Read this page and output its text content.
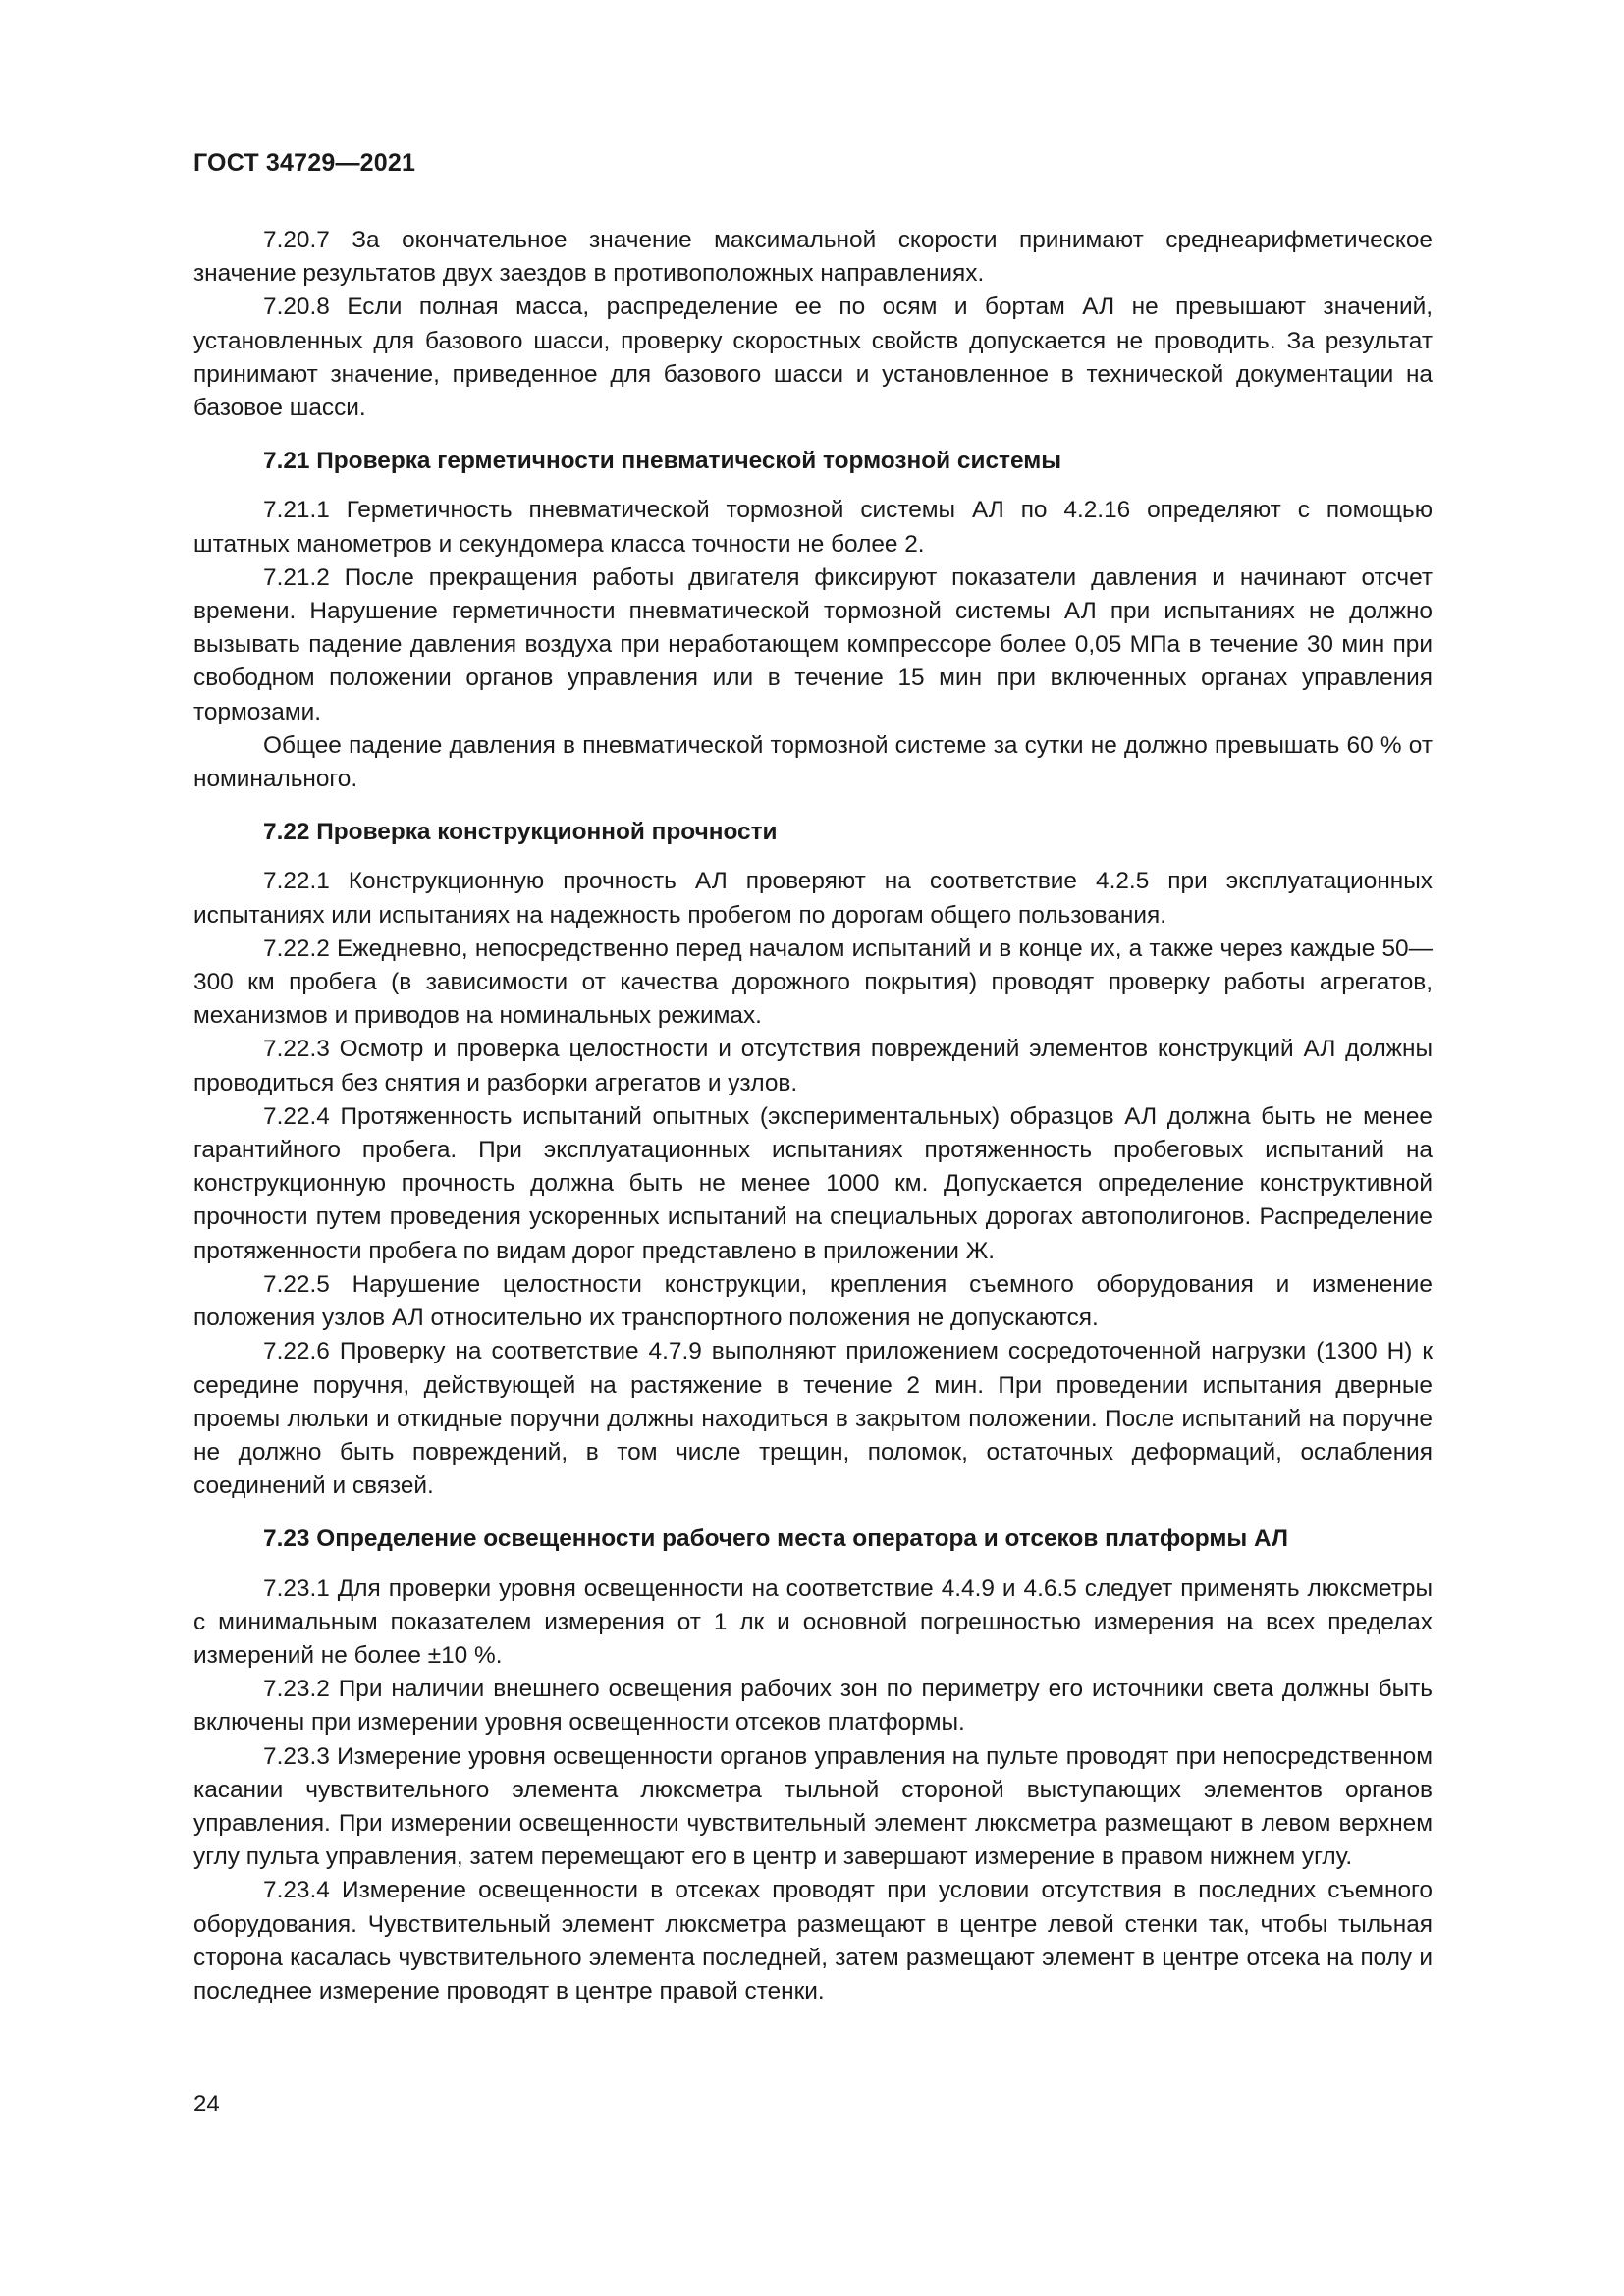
ГОСТ 34729—2021

7.20.7 За окончательное значение максимальной скорости принимают среднеарифметическое значение результатов двух заездов в противоположных направлениях.

7.20.8 Если полная масса, распределение ее по осям и бортам АЛ не превышают значений, установленных для базового шасси, проверку скоростных свойств допускается не проводить. За результат принимают значение, приведенное для базового шасси и установленное в технической документации на базовое шасси.

7.21 Проверка герметичности пневматической тормозной системы

7.21.1 Герметичность пневматической тормозной системы АЛ по 4.2.16 определяют с помощью штатных манометров и секундомера класса точности не более 2.

7.21.2 После прекращения работы двигателя фиксируют показатели давления и начинают отсчет времени. Нарушение герметичности пневматической тормозной системы АЛ при испытаниях не должно вызывать падение давления воздуха при неработающем компрессоре более 0,05 МПа в течение 30 мин при свободном положении органов управления или в течение 15 мин при включенных органах управления тормозами.

Общее падение давления в пневматической тормозной системе за сутки не должно превышать 60 % от номинального.

7.22 Проверка конструкционной прочности

7.22.1 Конструкционную прочность АЛ проверяют на соответствие 4.2.5 при эксплуатационных испытаниях или испытаниях на надежность пробегом по дорогам общего пользования.

7.22.2 Ежедневно, непосредственно перед началом испытаний и в конце их, а также через каждые 50—300 км пробега (в зависимости от качества дорожного покрытия) проводят проверку работы агрегатов, механизмов и приводов на номинальных режимах.

7.22.3 Осмотр и проверка целостности и отсутствия повреждений элементов конструкций АЛ должны проводиться без снятия и разборки агрегатов и узлов.

7.22.4 Протяженность испытаний опытных (экспериментальных) образцов АЛ должна быть не менее гарантийного пробега. При эксплуатационных испытаниях протяженность пробеговых испытаний на конструкционную прочность должна быть не менее 1000 км. Допускается определение конструктивной прочности путем проведения ускоренных испытаний на специальных дорогах автополигонов. Распределение протяженности пробега по видам дорог представлено в приложении Ж.

7.22.5 Нарушение целостности конструкции, крепления съемного оборудования и изменение положения узлов АЛ относительно их транспортного положения не допускаются.

7.22.6 Проверку на соответствие 4.7.9 выполняют приложением сосредоточенной нагрузки (1300 Н) к середине поручня, действующей на растяжение в течение 2 мин. При проведении испытания дверные проемы люльки и откидные поручни должны находиться в закрытом положении. После испытаний на поручне не должно быть повреждений, в том числе трещин, поломок, остаточных деформаций, ослабления соединений и связей.

7.23 Определение освещенности рабочего места оператора и отсеков платформы АЛ

7.23.1 Для проверки уровня освещенности на соответствие 4.4.9 и 4.6.5 следует применять люксметры с минимальным показателем измерения от 1 лк и основной погрешностью измерения на всех пределах измерений не более ±10 %.

7.23.2 При наличии внешнего освещения рабочих зон по периметру его источники света должны быть включены при измерении уровня освещенности отсеков платформы.

7.23.3 Измерение уровня освещенности органов управления на пульте проводят при непосредственном касании чувствительного элемента люксметра тыльной стороной выступающих элементов органов управления. При измерении освещенности чувствительный элемент люксметра размещают в левом верхнем углу пульта управления, затем перемещают его в центр и завершают измерение в правом нижнем углу.

7.23.4 Измерение освещенности в отсеках проводят при условии отсутствия в последних съемного оборудования. Чувствительный элемент люксметра размещают в центре левой стенки так, чтобы тыльная сторона касалась чувствительного элемента последней, затем размещают элемент в центре отсека на полу и последнее измерение проводят в центре правой стенки.

24
